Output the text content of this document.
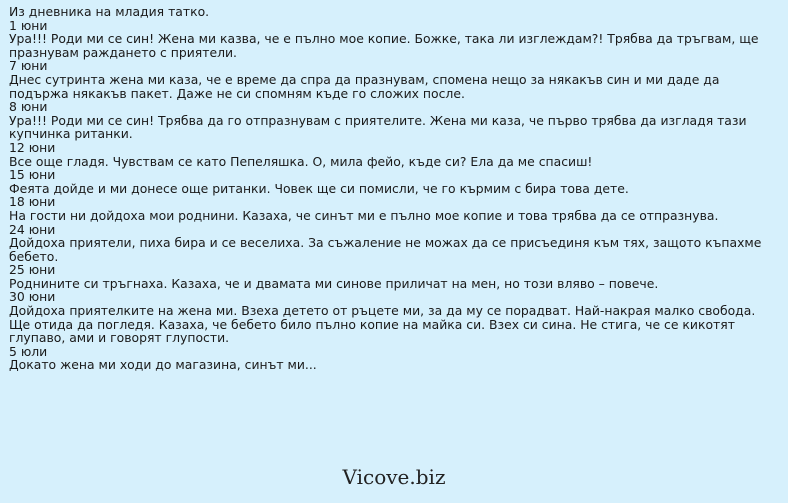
Из дневника на младия татко.

1 юни

Ура!!! Роди ми се син! Жена ми казва, че е пълно мое копие. Божке, така ли изглеждам?! Трябва да тръгвам, ще празнувам раждането с приятели.

7 юни

Днес сутринта жена ми каза, че е време да спра да празнувам, спомена нещо за някакъв син и ми даде да подържа някакъв пакет. Даже не си спомням къде го сложих после.

8 юни

Ура!!! Роди ми се син! Трябва да го отпразнувам с приятелите. Жена ми каза, че първо трябва да изгладя тази купчинка ританки.

12 юни

Все още гладя. Чувствам се като Пепеляшка. О, мила фейо, къде си? Ела да ме спасиш!

15 юни

Феята дойде и ми донесе още ританки. Човек ще си помисли, че го кърмим с бира това дете.

18 юни

На гости ни дойдоха мои роднини. Казаха, че синът ми е пълно мое копие и това трябва да се отпразнува.

24 юни

Дойдоха приятели, пиха бира и се веселиха. За съжаление не можах да се присъединя към тях, защото къпахме бебето.

25 юни

Роднините си тръгнаха. Казаха, че и двамата ми синове приличат на мен, но този вляво – повече.

30 юни

Дойдоха приятелките на жена ми. Взеха детето от ръцете ми, за да му се порадват. Най-накрая малко свобода. Ще отида да погледя. Казаха, че бебето било пълно копие на майка си. Взех си сина. Не стига, че се кикотят глупаво, ами и говорят глупости.

5 юли

Докато жена ми ходи до магазина, синът ми...

Vicove.biz
